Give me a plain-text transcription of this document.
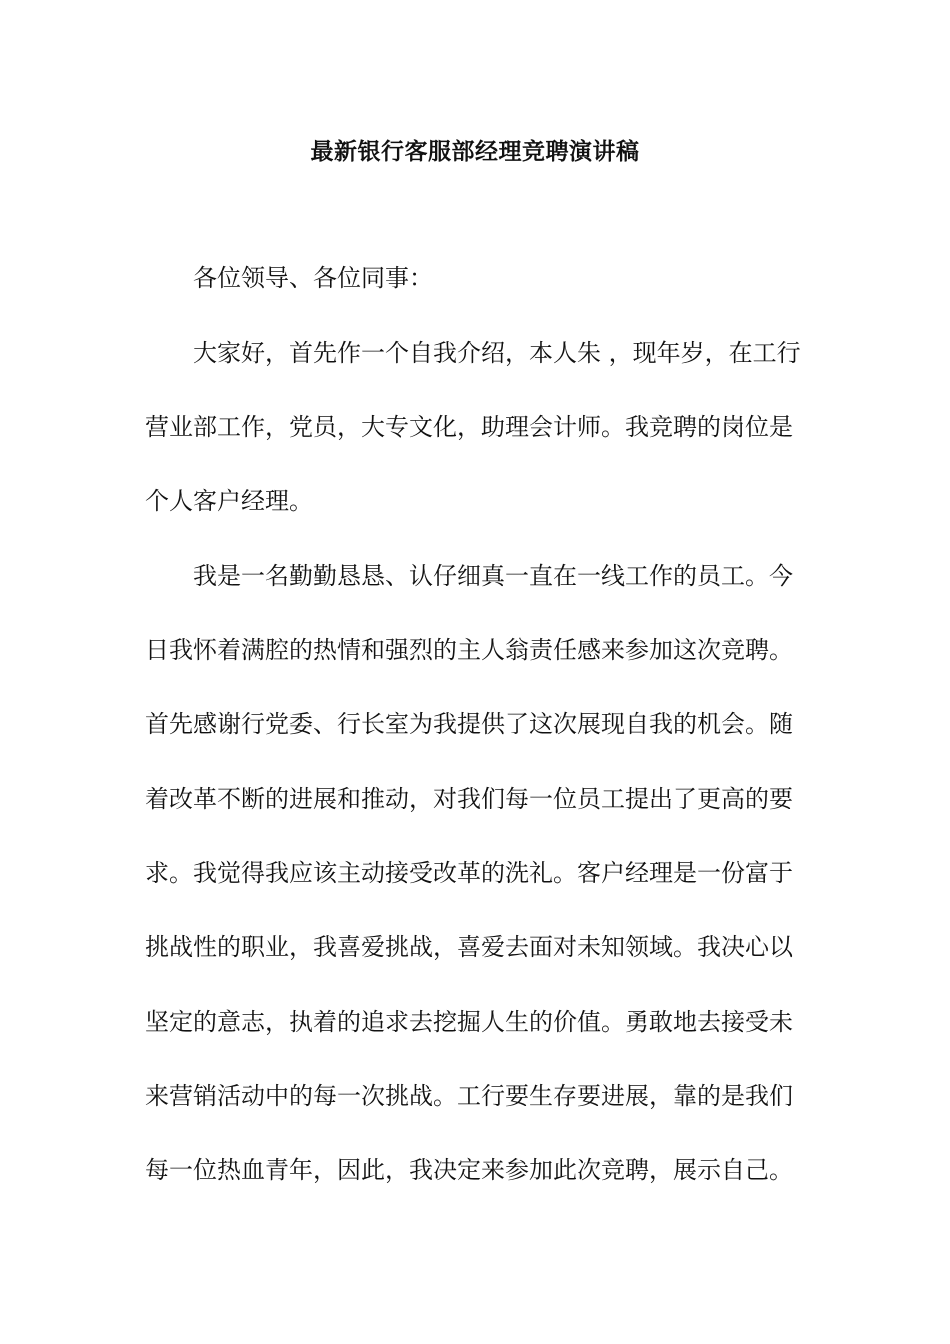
最新银行客服部经理竞聘演讲稿

各位领导、各位同事：

大家好，首先作一个自我介绍，本人朱 ，现年岁，在工行

营业部工作，党员，大专文化，助理会计师。我竞聘的岗位是

个人客户经理。

我是一名勤勤恳恳、认仔细真一直在一线工作的员工。今

日我怀着满腔的热情和强烈的主人翁责任感来参加这次竞聘。

首先感谢行党委、行长室为我提供了这次展现自我的机会。随

着改革不断的进展和推动，对我们每一位员工提出了更高的要

求。我觉得我应该主动接受改革的洗礼。客户经理是一份富于

挑战性的职业，我喜爱挑战，喜爱去面对未知领域。我决心以

坚定的意志，执着的追求去挖掘人生的价值。勇敢地去接受未

来营销活动中的每一次挑战。工行要生存要进展，靠的是我们

每一位热血青年，因此，我决定来参加此次竞聘，展示自己。
